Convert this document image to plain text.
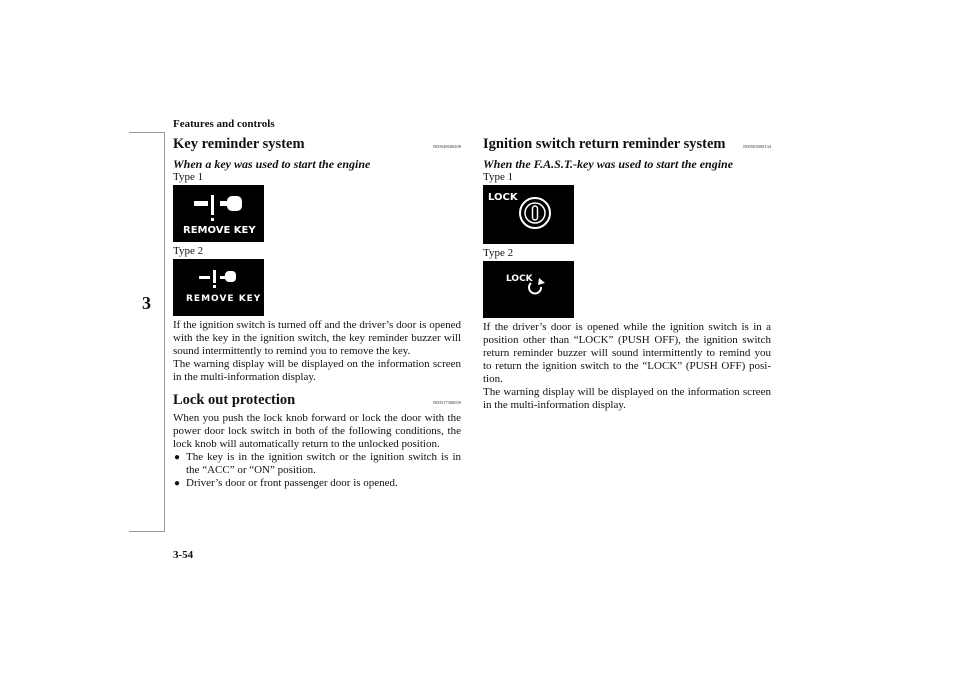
Features and controls
3
Key reminder system	N00549600208
When a key was used to start the engine
Type 1
REMOVE KEY
Type 2
REMOVE KEY

If the ignition switch is turned off and the driver’s door is opened with the key in the ignition switch, the key reminder buzzer will sound intermittently to remind you to remove the key.

The warning display will be displayed on the information screen in the multi-information display.

Lock out protection	N00517300039

When you push the lock knob forward or lock the door with the power door lock switch in both of the following conditions, the lock knob will automatically return to the unlocked position.

● The key is in the ignition switch or the ignition switch is in the “ACC” or “ON” position.
● Driver’s door or front passenger door is opened.
Ignition switch return reminder system	N00503800134
When the F.A.S.T.-key was used to start the engine
Type 1
LOCK
Type 2
LOCK

If the driver’s door is opened while the ignition switch is in a position other than “LOCK” (PUSH OFF), the ignition switch return reminder buzzer will sound intermittently to remind you to return the ignition switch to the “LOCK” (PUSH OFF) posi-tion.

The warning display will be displayed on the information screen in the multi-information display.

3-54
